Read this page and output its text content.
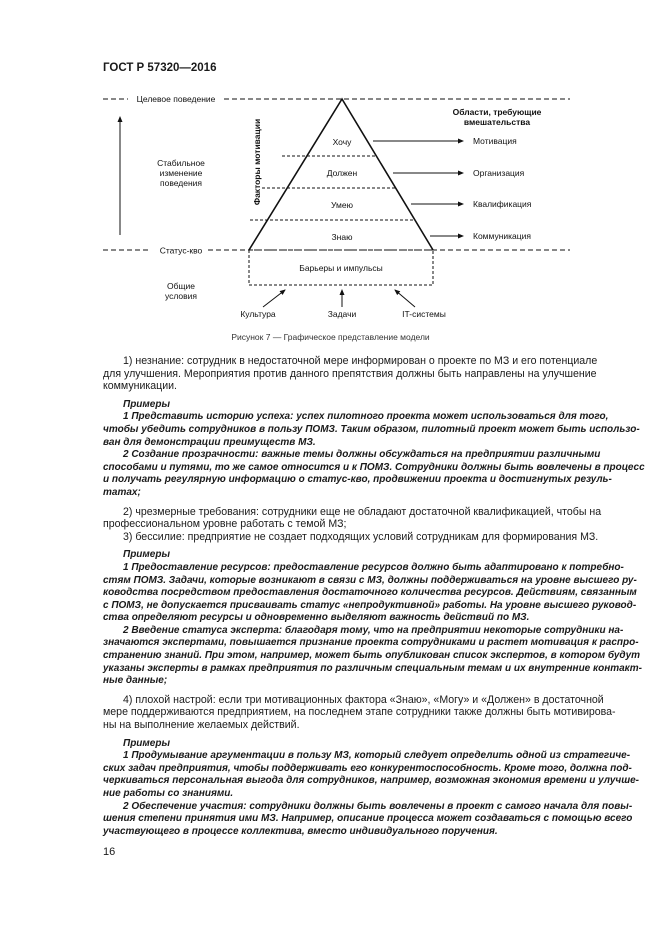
ГОСТ Р 57320—2016
Целевое поведение
Статус-кво
Стабильное
изменение
поведения
Общие
условия
Факторы мотивации
Области, требующие
вмешательства
Хочу
Должен
Умею
Знаю
Мотивация
Организация
Квалификация
Коммуникация
Барьеры и импульсы
Культура	Задачи	IT-системы
Рисунок 7 — Графическое представление модели
1) незнание: сотрудник в недостаточной мере информирован о проекте по МЗ и его потенциале
для улучшения. Мероприятия против данного препятствия должны быть направлены на улучшение
коммуникации.
Примеры
1 Представить историю успеха: успех пилотного проекта может использоваться для того,
чтобы убедить сотрудников в пользу ПОМЗ. Таким образом, пилотный проект может быть использо-
ван для демонстрации преимуществ МЗ.
2 Создание прозрачности: важные темы должны обсуждаться на предприятии различными
способами и путями, то же самое относится и к ПОМЗ. Сотрудники должны быть вовлечены в процесс
и получать регулярную информацию о статус-кво, продвижении проекта и достигнутых резуль-
татах;
2) чрезмерные требования: сотрудники еще не обладают достаточной квалификацией, чтобы на
профессиональном уровне работать с темой МЗ;
3) бессилие: предприятие не создает подходящих условий сотрудникам для формирования МЗ.
Примеры
1 Предоставление ресурсов: предоставление ресурсов должно быть адаптировано к потребно-
стям ПОМЗ. Задачи, которые возникают в связи с МЗ, должны поддерживаться на уровне высшего ру-
ководства посредством предоставления достаточного количества ресурсов. Действиям, связанным
с ПОМЗ, не допускается присваивать статус «непродуктивной» работы. На уровне высшего руковод-
ства определяют ресурсы и одновременно выделяют важность действий по МЗ.
2 Введение статуса эксперта: благодаря тому, что на предприятии некоторые сотрудники на-
значаются экспертами, повышается признание проекта сотрудниками и растет мотивация к распро-
странению знаний. При этом, например, может быть опубликован список экспертов, в котором будут
указаны эксперты в рамках предприятия по различным специальным темам и их внутренние контакт-
ные данные;
4) плохой настрой: если три мотивационных фактора «Знаю», «Могу» и «Должен» в достаточной
мере поддерживаются предприятием, на последнем этапе сотрудники также должны быть мотивирова-
ны на выполнение желаемых действий.
Примеры
1 Продумывание аргументации в пользу МЗ, который следует определить одной из стратегиче-
ских задач предприятия, чтобы поддерживать его конкурентоспособность. Кроме того, должна под-
черкиваться персональная выгода для сотрудников, например, возможная экономия времени и улучше-
ние работы со знаниями.
2 Обеспечение участия: сотрудники должны быть вовлечены в проект с самого начала для повы-
шения степени принятия ими МЗ. Например, описание процесса может создаваться с помощью всего
участвующего в процессе коллектива, вместо индивидуального поручения.
16
